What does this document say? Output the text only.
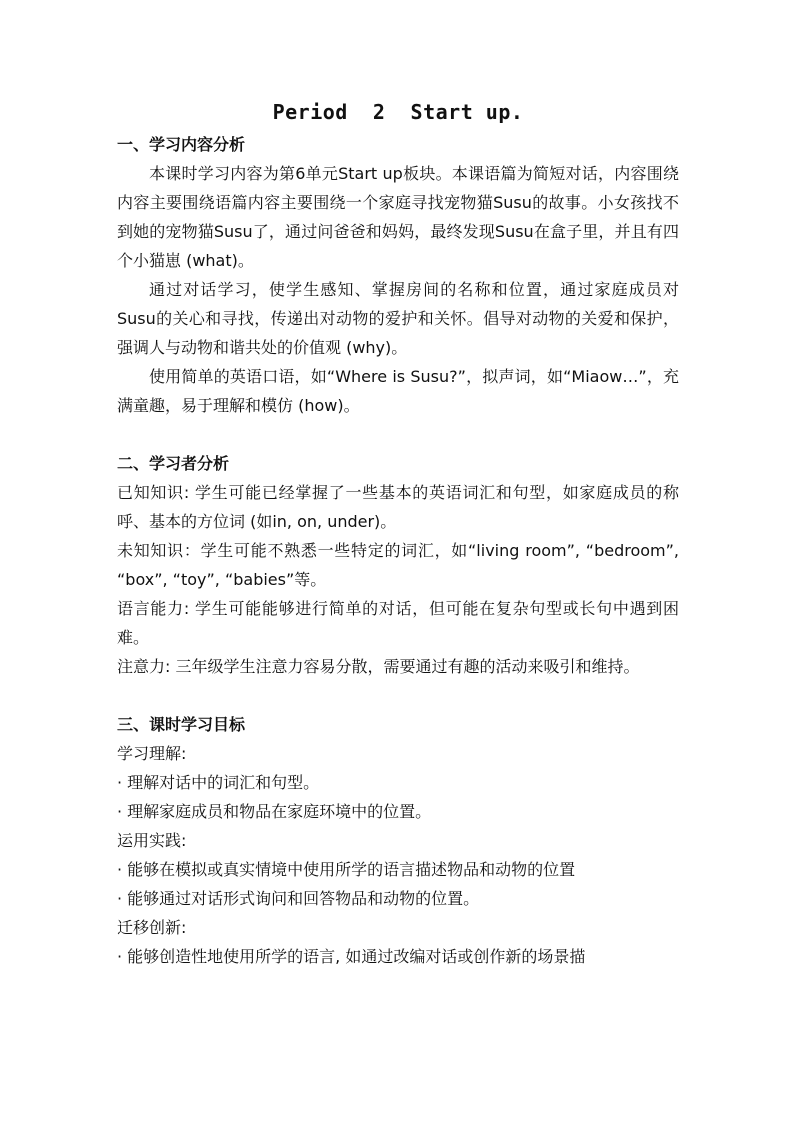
Period  2  Start up.
一、学习内容分析

本课时学习内容为第6单元Start up板块。本课语篇为简短对话，内容围绕内容主要围绕语篇内容主要围绕一个家庭寻找宠物猫Susu的故事。小女孩找不到她的宠物猫Susu了，通过问爸爸和妈妈，最终发现Susu在盒子里，并且有四个小猫崽 (what)。

通过对话学习，使学生感知、掌握房间的名称和位置，通过家庭成员对Susu的关心和寻找，传递出对动物的爱护和关怀。倡导对动物的关爱和保护，强调人与动物和谐共处的价值观 (why)。

使用简单的英语口语，如“Where is Susu?”，拟声词，如“Miaow…”，充满童趣，易于理解和模仿 (how)。

二、学习者分析

已知知识: 学生可能已经掌握了一些基本的英语词汇和句型，如家庭成员的称呼、基本的方位词 (如in, on, under)。

未知知识：学生可能不熟悉一些特定的词汇，如“living room”, “bedroom”, “box”, “toy”, “babies”等。

语言能力: 学生可能能够进行简单的对话，但可能在复杂句型或长句中遇到困难。

注意力: 三年级学生注意力容易分散，需要通过有趣的活动来吸引和维持。

三、课时学习目标

学习理解:

· 理解对话中的词汇和句型。

· 理解家庭成员和物品在家庭环境中的位置。

运用实践:

· 能够在模拟或真实情境中使用所学的语言描述物品和动物的位置

· 能够通过对话形式询问和回答物品和动物的位置。

迁移创新:

· 能够创造性地使用所学的语言, 如通过改编对话或创作新的场景描
